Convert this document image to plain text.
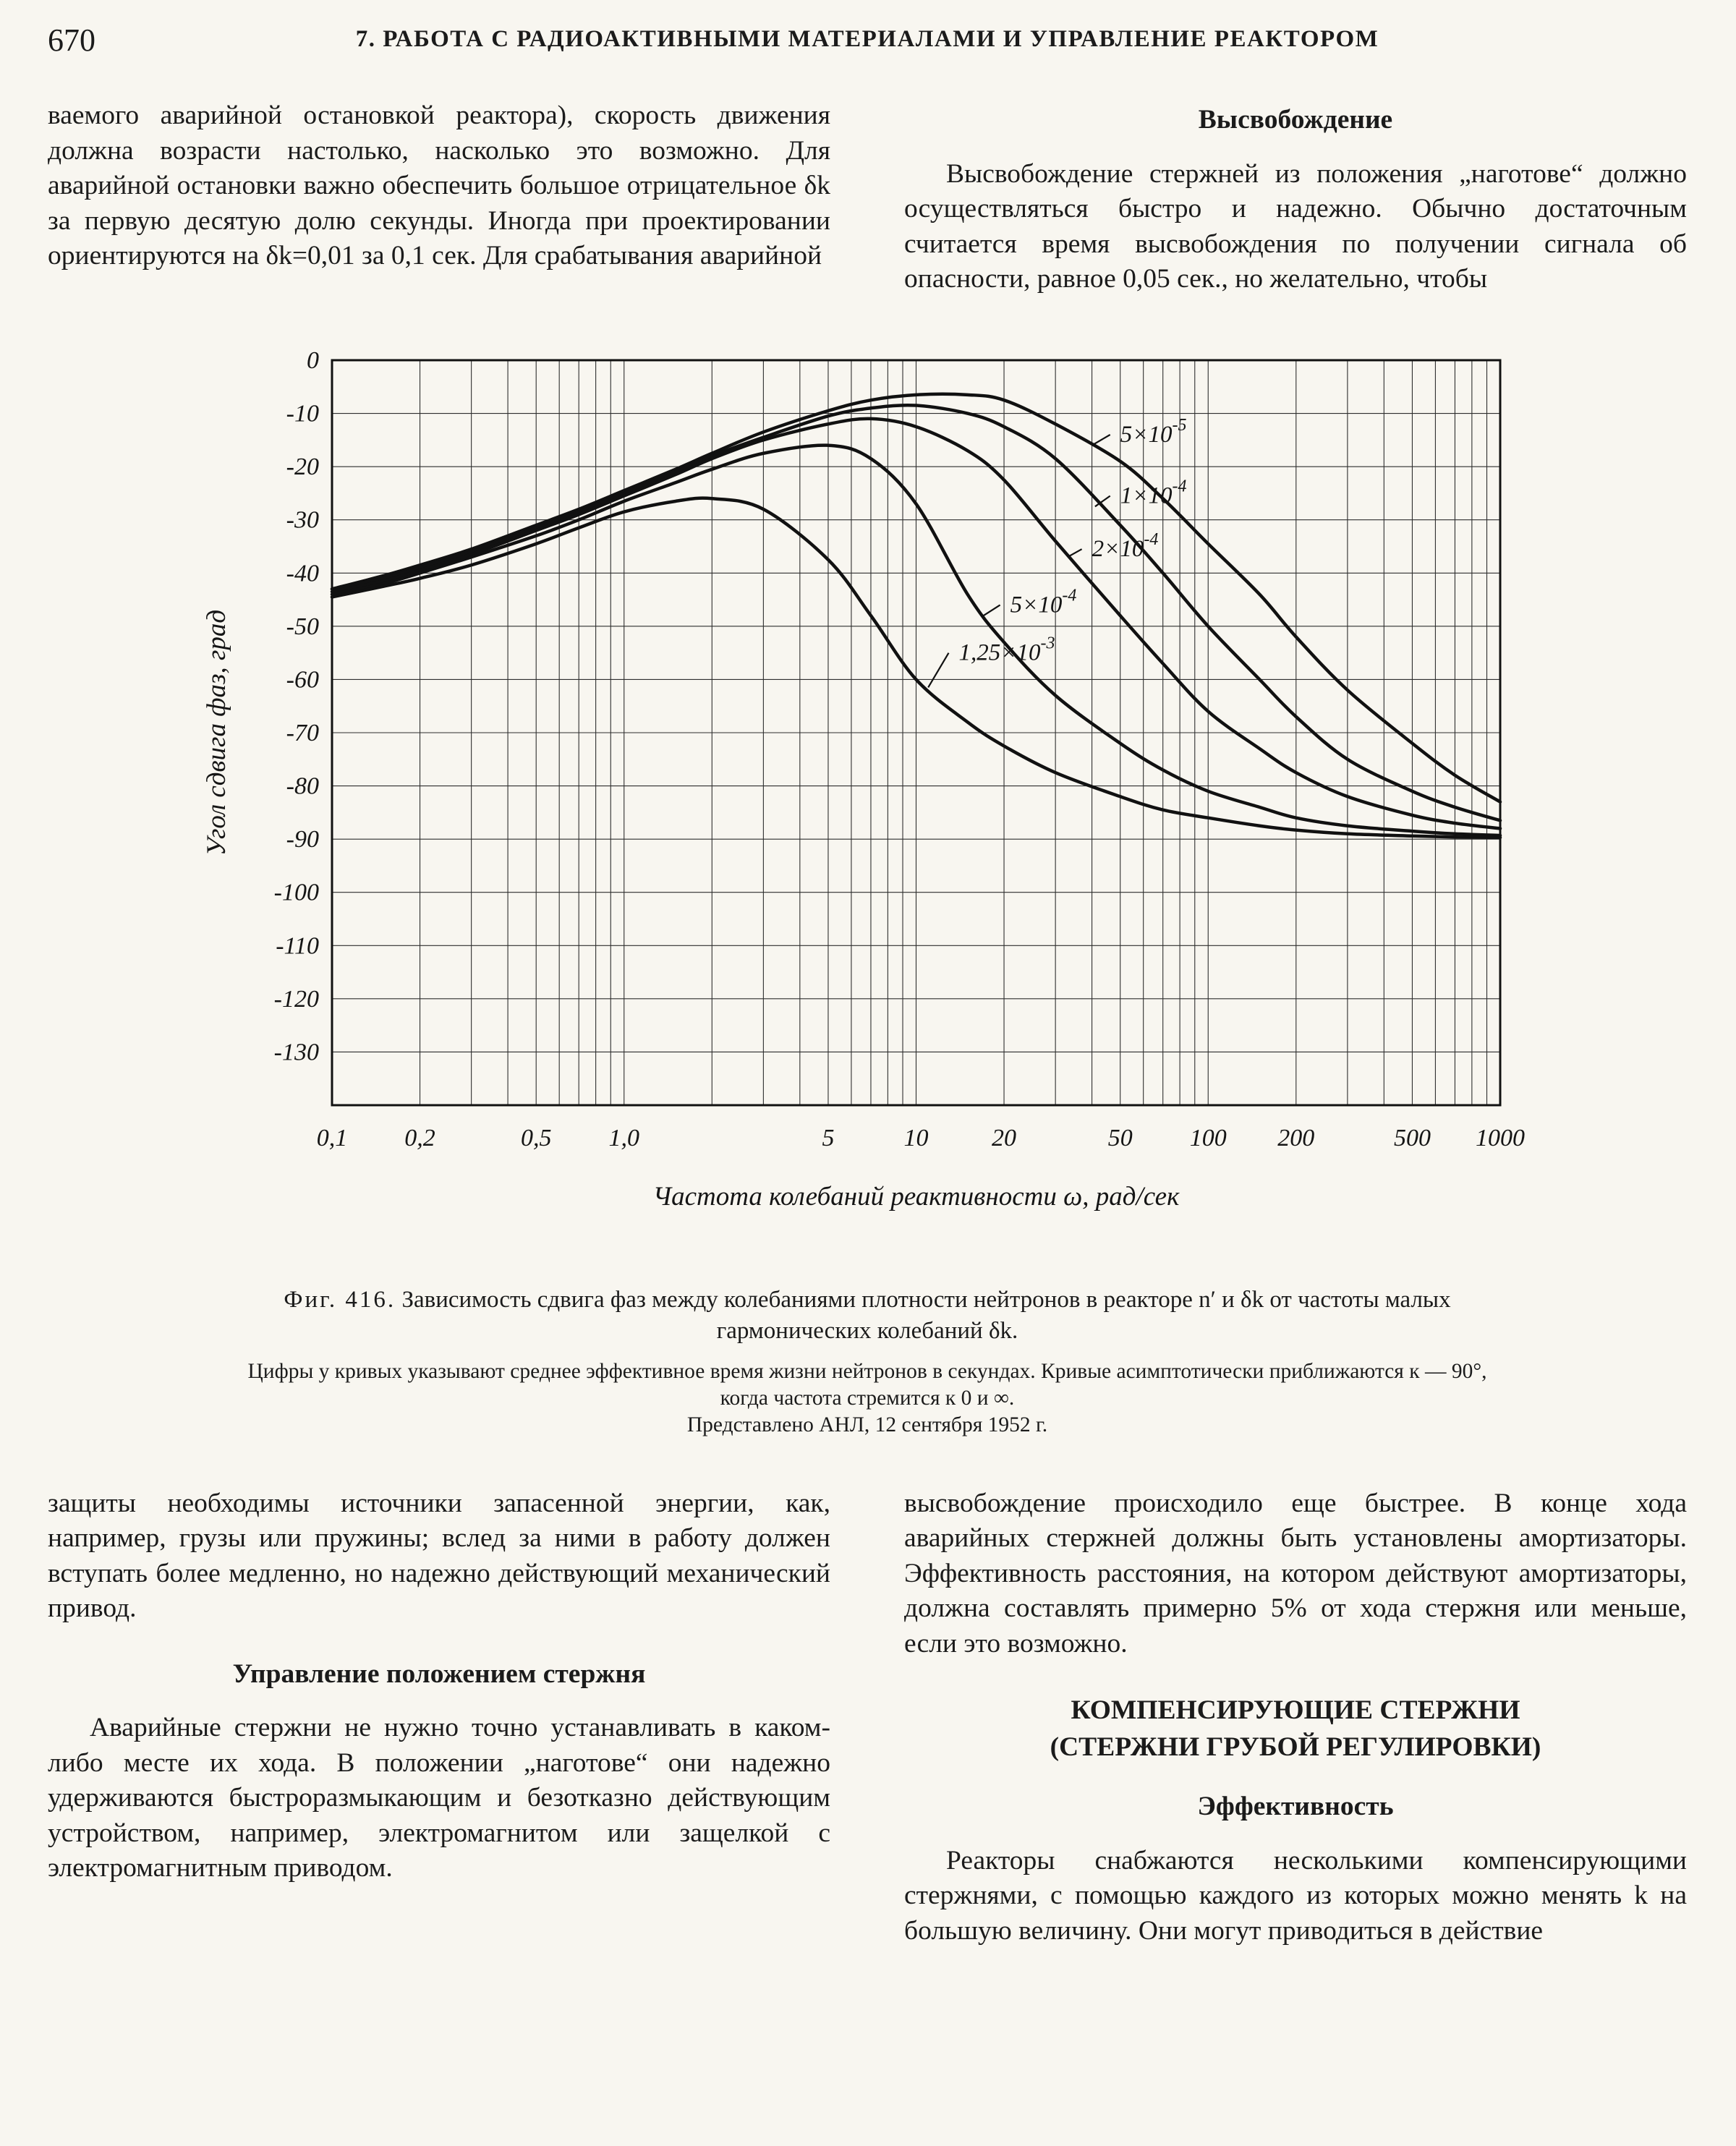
670	7. РАБОТА С РАДИОАКТИВНЫМИ МАТЕРИАЛАМИ И УПРАВЛЕНИЕ РЕАКТОРОМ

ваемого аварийной остановкой реактора), скорость движения должна возрасти настолько, насколько это возможно. Для аварийной остановки важно обеспечить большое отрицательное δk за первую десятую долю секунды. Иногда при проектировании ориентируются на δk=0,01 за 0,1 сек. Для срабатывания аварийной

Высвобождение

Высвобождение стержней из положения „наготове“ должно осуществляться быстро и надежно. Обычно достаточным считается время высвобождения по получении сигнала об опасности, равное 0,05 сек., но желательно, чтобы

$5\times 10^{-5}$
$1\times 10^{-4}$
$2\times 10^{-4}$
$5\times 10^{-4}$
$1,25\times 10^{-3}$
0
-10
-20
-30
-40
-50
-60
-70
-80
-90
-100
-110
-120
-130
0,1 0,2	0,5 1,0	5	10	20	50 100 200	500 1000
Частота колебаний реактивности ω, рад/сек
Угол сдвига фаз, град
Фиг. 416. Зависимость сдвига фаз между колебаниями плотности нейтронов в реакторе n′ и δk от частоты малых гармонических колебаний δk.

Цифры у кривых указывают среднее эффективное время жизни нейтронов в секундах. Кривые асимптотически приближаются к — 90°, когда частота стремится к 0 и ∞.

Представлено АНЛ, 12 сентября 1952 г.

защиты необходимы источники запасенной энергии, как, например, грузы или пружины; вслед за ними в работу должен вступать более медленно, но надежно действующий механический привод.

Управление положением стержня

Аварийные стержни не нужно точно устанавливать в каком-либо месте их хода. В положении „наготове“ они надежно удерживаются быстроразмыкающим и безотказно действующим устройством, например, электромагнитом или защелкой с электромагнитным приводом.

высвобождение происходило еще быстрее. В конце хода аварийных стержней должны быть установлены амортизаторы. Эффективность расстояния, на котором действуют амортизаторы, должна составлять примерно 5% от хода стержня или меньше, если это возможно.

КОМПЕНСИРУЮЩИЕ СТЕРЖНИ
(СТЕРЖНИ ГРУБОЙ РЕГУЛИРОВКИ)
Эффективность

Реакторы снабжаются несколькими компенсирующими стержнями, с помощью каждого из которых можно менять k на большую величину. Они могут приводиться в действие
